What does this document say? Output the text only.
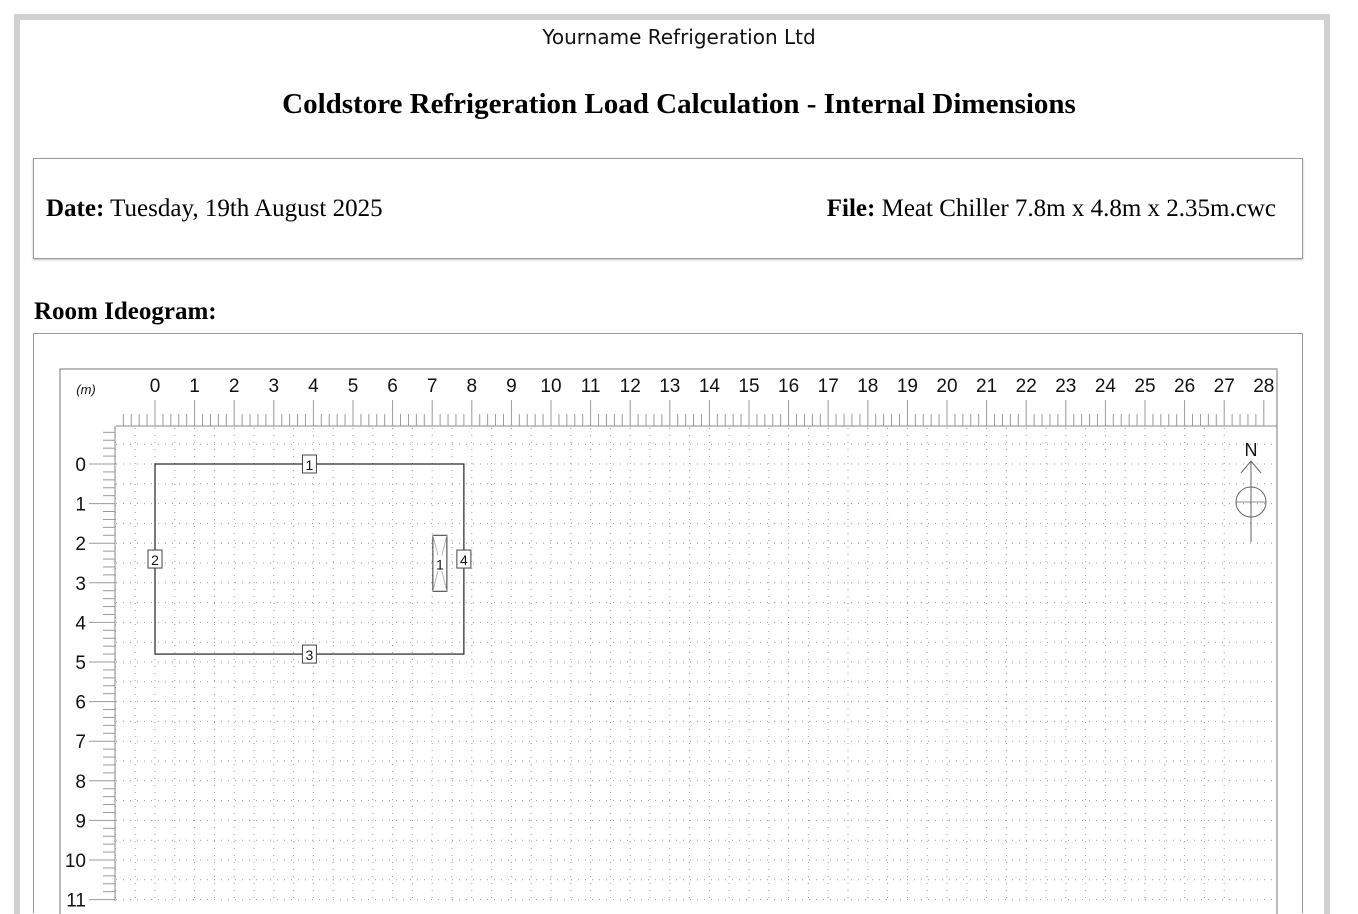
Yourname Refrigeration Ltd
Coldstore Refrigeration Load Calculation - Internal Dimensions
Date: Tuesday, 19th August 2025	File: Meat Chiller 7.8m x 4.8m x 2.35m.cwc
Room Ideogram:
0 1 2 3 4 5 6 7 8 9 10 11 12 13 14 15 16 17 18 19 20 21 22 23 24 25 26 27 28
(m)
0
1
2
3
4
5
6
7
8
9
10
11
1
2
3
4
1
N
